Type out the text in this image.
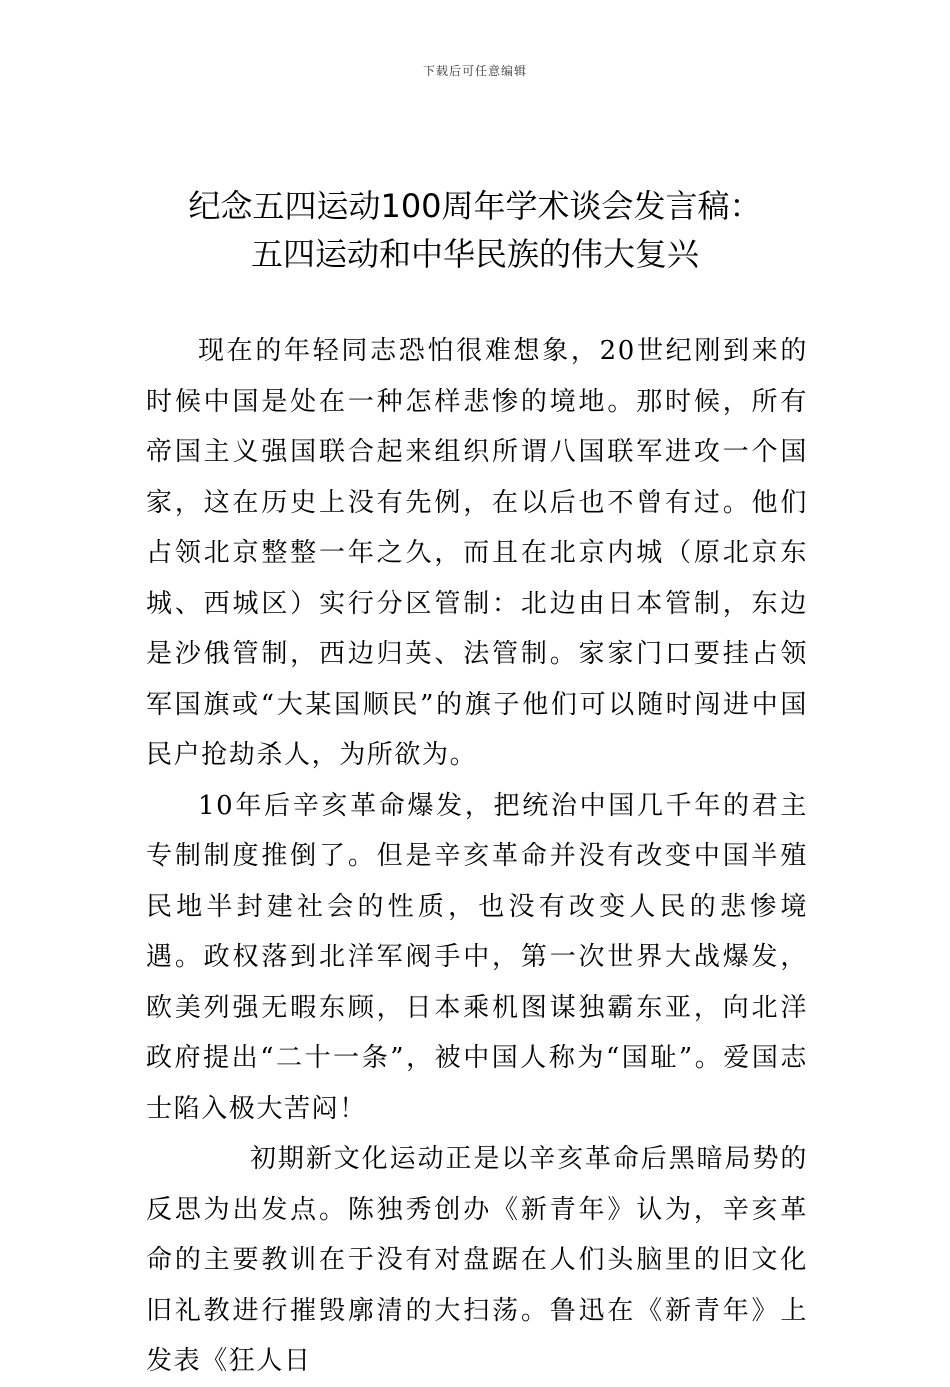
下载后可任意编辑
纪念五四运动100周年学术谈会发言稿：
五四运动和中华民族的伟大复兴

现在的年轻同志恐怕很难想象，20世纪刚到来的时候中国是处在一种怎样悲惨的境地。那时候，所有帝国主义强国联合起来组织所谓八国联军进攻一个国家，这在历史上没有先例，在以后也不曾有过。他们占领北京整整一年之久，而且在北京内城（原北京东城、西城区）实行分区管制：北边由日本管制，东边是沙俄管制，西边归英、法管制。家家门口要挂占领军国旗或“大某国顺民”的旗子他们可以随时闯进中国民户抢劫杀人，为所欲为。

10年后辛亥革命爆发，把统治中国几千年的君主专制制度推倒了。但是辛亥革命并没有改变中国半殖民地半封建社会的性质，也没有改变人民的悲惨境遇。政权落到北洋军阀手中，第一次世界大战爆发，欧美列强无暇东顾，日本乘机图谋独霸东亚，向北洋政府提出“二十一条”，被中国人称为“国耻”。爱国志士陷入极大苦闷！

初期新文化运动正是以辛亥革命后黑暗局势的反思为出发点。陈独秀创办《新青年》认为，辛亥革命的主要教训在于没有对盘踞在人们头脑里的旧文化旧礼教进行摧毁廓清的大扫荡。鲁迅在《新青年》上发表《狂人日
